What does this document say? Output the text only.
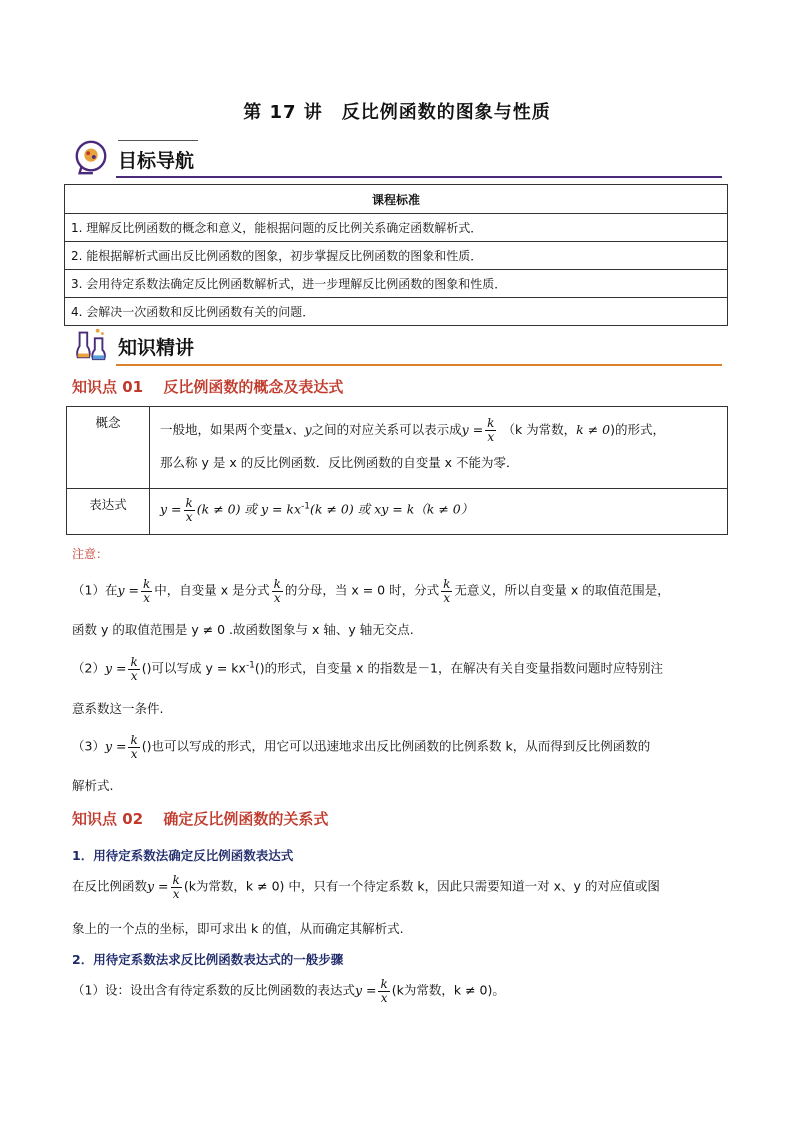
第 17 讲　反比例函数的图象与性质
目标导航
课程标准
1. 理解反比例函数的概念和意义，能根据问题的反比例关系确定函数解析式．
2. 能根据解析式画出反比例函数的图象，初步掌握反比例函数的图象和性质．
3. 会用待定系数法确定反比例函数解析式，进一步理解反比例函数的图象和性质．
4. 会解决一次函数和反比例函数有关的问题．
知识精讲
知识点 01　 反比例函数的概念及表达式
概念	一般地，如果两个变量x、y之间的对应关系可以表示成$y = \frac{k}{x} (k$ 为常数，k ≠ 0)的形式，
那么称 y 是 x 的反比例函数．反比例函数的自变量 x 不能为零．

表达式	$y = \frac{k}{x} (k \ne 0)$ 或 $y = kx^{-1}(k \ne 0)$ 或 xy = k（k ≠ 0）
注意：
（1）在$y = \frac{k}{x}$ 中，自变量 x 是分式 $\frac{k}{x}$ 的分母，当 x = 0 时，分式 $\frac{k}{x}$ 无意义，所以自变量 x 的取值范围是，
函数 y 的取值范围是 y ≠ 0 .故函数图象与 x 轴、y 轴无交点.
$(2)y = \frac{k}{x}$ ()可以写成 $y = kx^{-1}()$的形式，自变量 x 的指数是－1，在解决有关自变量指数问题时应特别注
意系数这一条件.
$(3)y = \frac{k}{x}$ ()也可以写成的形式，用它可以迅速地求出反比例函数的比例系数 k，从而得到反比例函数的
解析式.
知识点 02　 确定反比例函数的关系式
1．用待定系数法确定反比例函数表达式
在反比例函数$y = \frac{k}{x} (k$为常数，k ≠ 0) 中，只有一个待定系数 k，因此只需要知道一对 x、y 的对应值或图
象上的一个点的坐标，即可求出 k 的值，从而确定其解析式.
2．用待定系数法求反比例函数表达式的一般步骤
（1）设：设出含有待定系数的反比例函数的表达式$y = \frac{k}{x} (k$为常数，k ≠ 0)。
